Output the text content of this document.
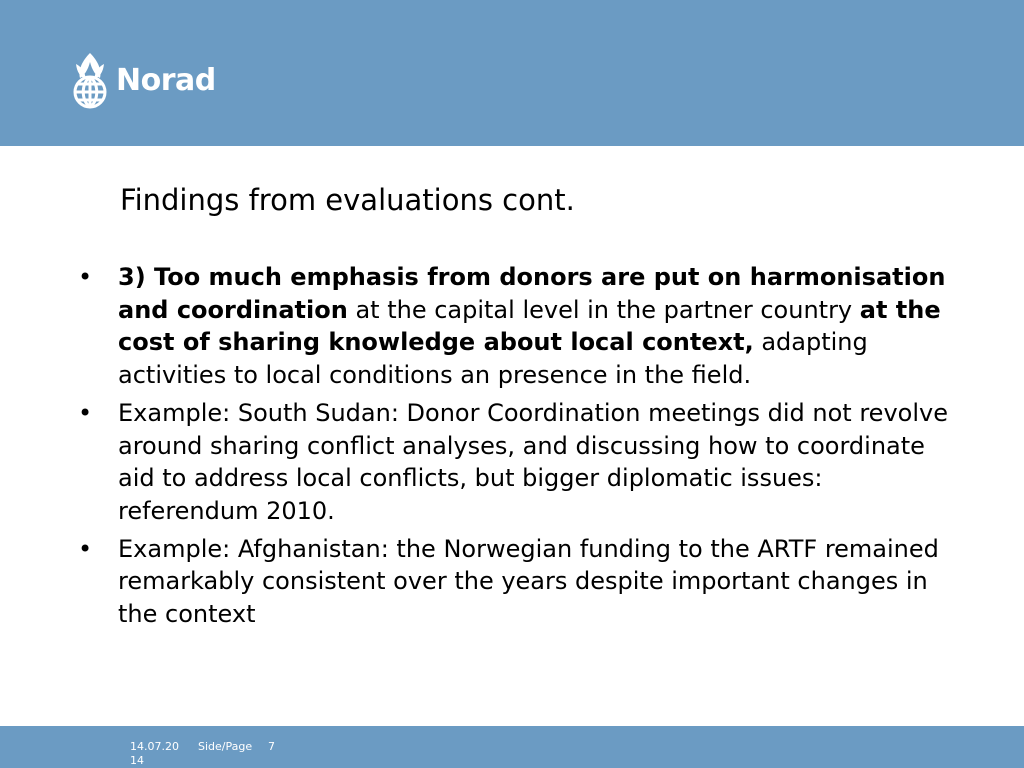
Norad
Findings from evaluations cont.
•	3) Too much emphasis from donors are put on harmonisation and coordination at the capital level in the partner country at the cost of sharing knowledge about local context, adapting activities to local conditions an presence in the field.
•	Example: South Sudan: Donor Coordination meetings did not revolve around sharing conflict analyses, and discussing how to coordinate aid to address local conflicts, but bigger diplomatic issues: referendum 2010.
•	Example: Afghanistan: the Norwegian funding to the ARTF remained remarkably consistent over the years despite important changes in the context
14.07.20
14
Side/Page 7
